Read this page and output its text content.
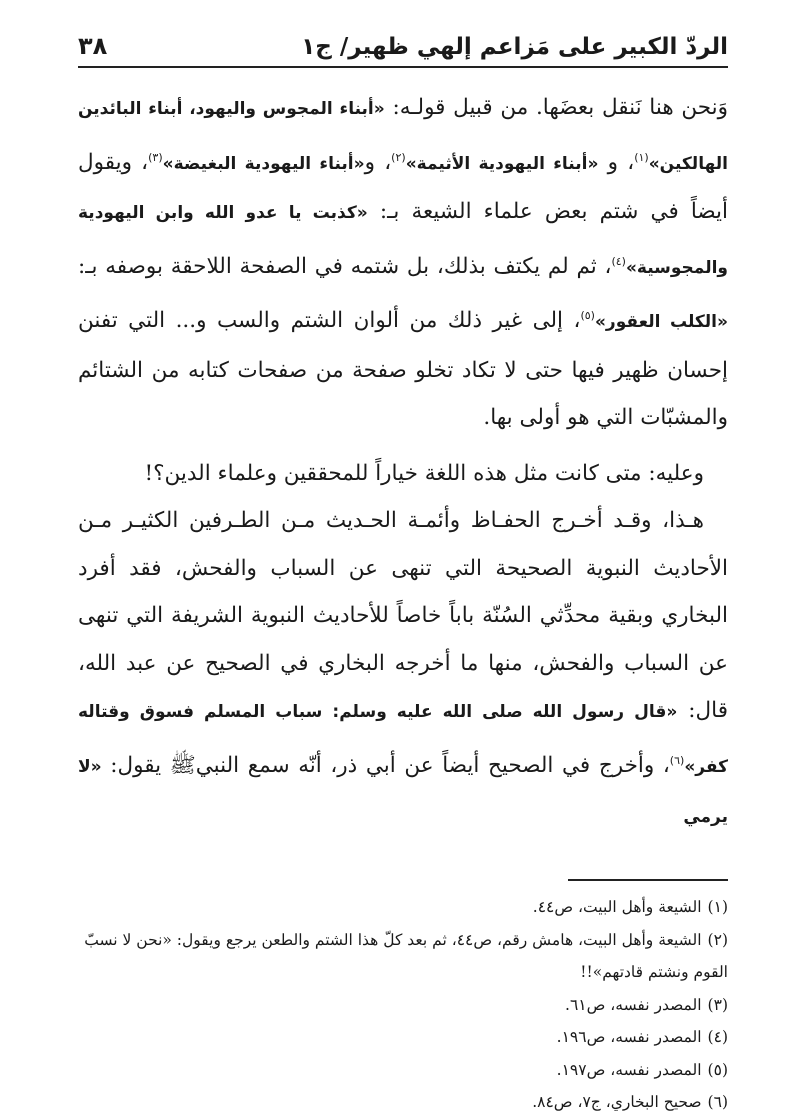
الردّ الكبير على مَزاعم إلهي ظهير/ ج١
٣٨

وَنحن هنا نَنقل بعضَها. من قبيل قولـه: «أبناء المجوس واليهود، أبناء البائدين الهالكين»$^{(١)}$، و «أبناء اليهودية الأثيمة»$^{(٢)}$، و«أبناء اليهودية البغيضة»$^{(٣)}$، ويقول أيضاً في شتم بعض علماء الشيعة بـ: «كذبت يا عدو الله وابن اليهودية والمجوسية»$^{(٤)}$، ثم لم يكتف بذلك، بل شتمه في الصفحة اللاحقة بوصفه بـ: «الكلب العقور»$^{(٥)}$، إلى غير ذلك من ألوان الشتم والسب و... التي تفنن إحسان ظهير فيها حتى لا تكاد تخلو صفحة من صفحات كتابه من الشتائم والمشبّات التي هو أولى بها.

وعليه: متى كانت مثل هذه اللغة خياراً للمحققين وعلماء الدين؟!

هـذا، وقـد أخـرج الحفـاظ وأئمـة الحـديث مـن الطـرفين الكثيـر مـن الأحاديث النبوية الصحيحة التي تنهى عن السباب والفحش، فقد أفرد البخاري وبقية محدِّثي السُنّة باباً خاصاً للأحاديث النبوية الشريفة التي تنهى عن السباب والفحش، منها ما أخرجه البخاري في الصحيح عن عبد الله، قال: «قال رسول الله صلى الله عليه وسلم: سباب المسلم فسوق وقتاله كفر»$^{(٦)}$، وأخرج في الصحيح أيضاً عن أبي ذر، أنّه سمع النبيﷺ يقول: «لا يرمي

(١)الشيعة وأهل البيت، ص٤٤.

(٢)الشيعة وأهل البيت، هامش رقم، ص٤٤، ثم بعد كلّ هذا الشتم والطعن يرجع ويقول: «نحن لا نسبّ القوم ونشتم قادتهم»!!

(٣)المصدر نفسه، ص٦١.

(٤)المصدر نفسه، ص١٩٦.

(٥)المصدر نفسه، ص١٩٧.

(٦)صحيح البخاري، ج٧، ص٨٤.
